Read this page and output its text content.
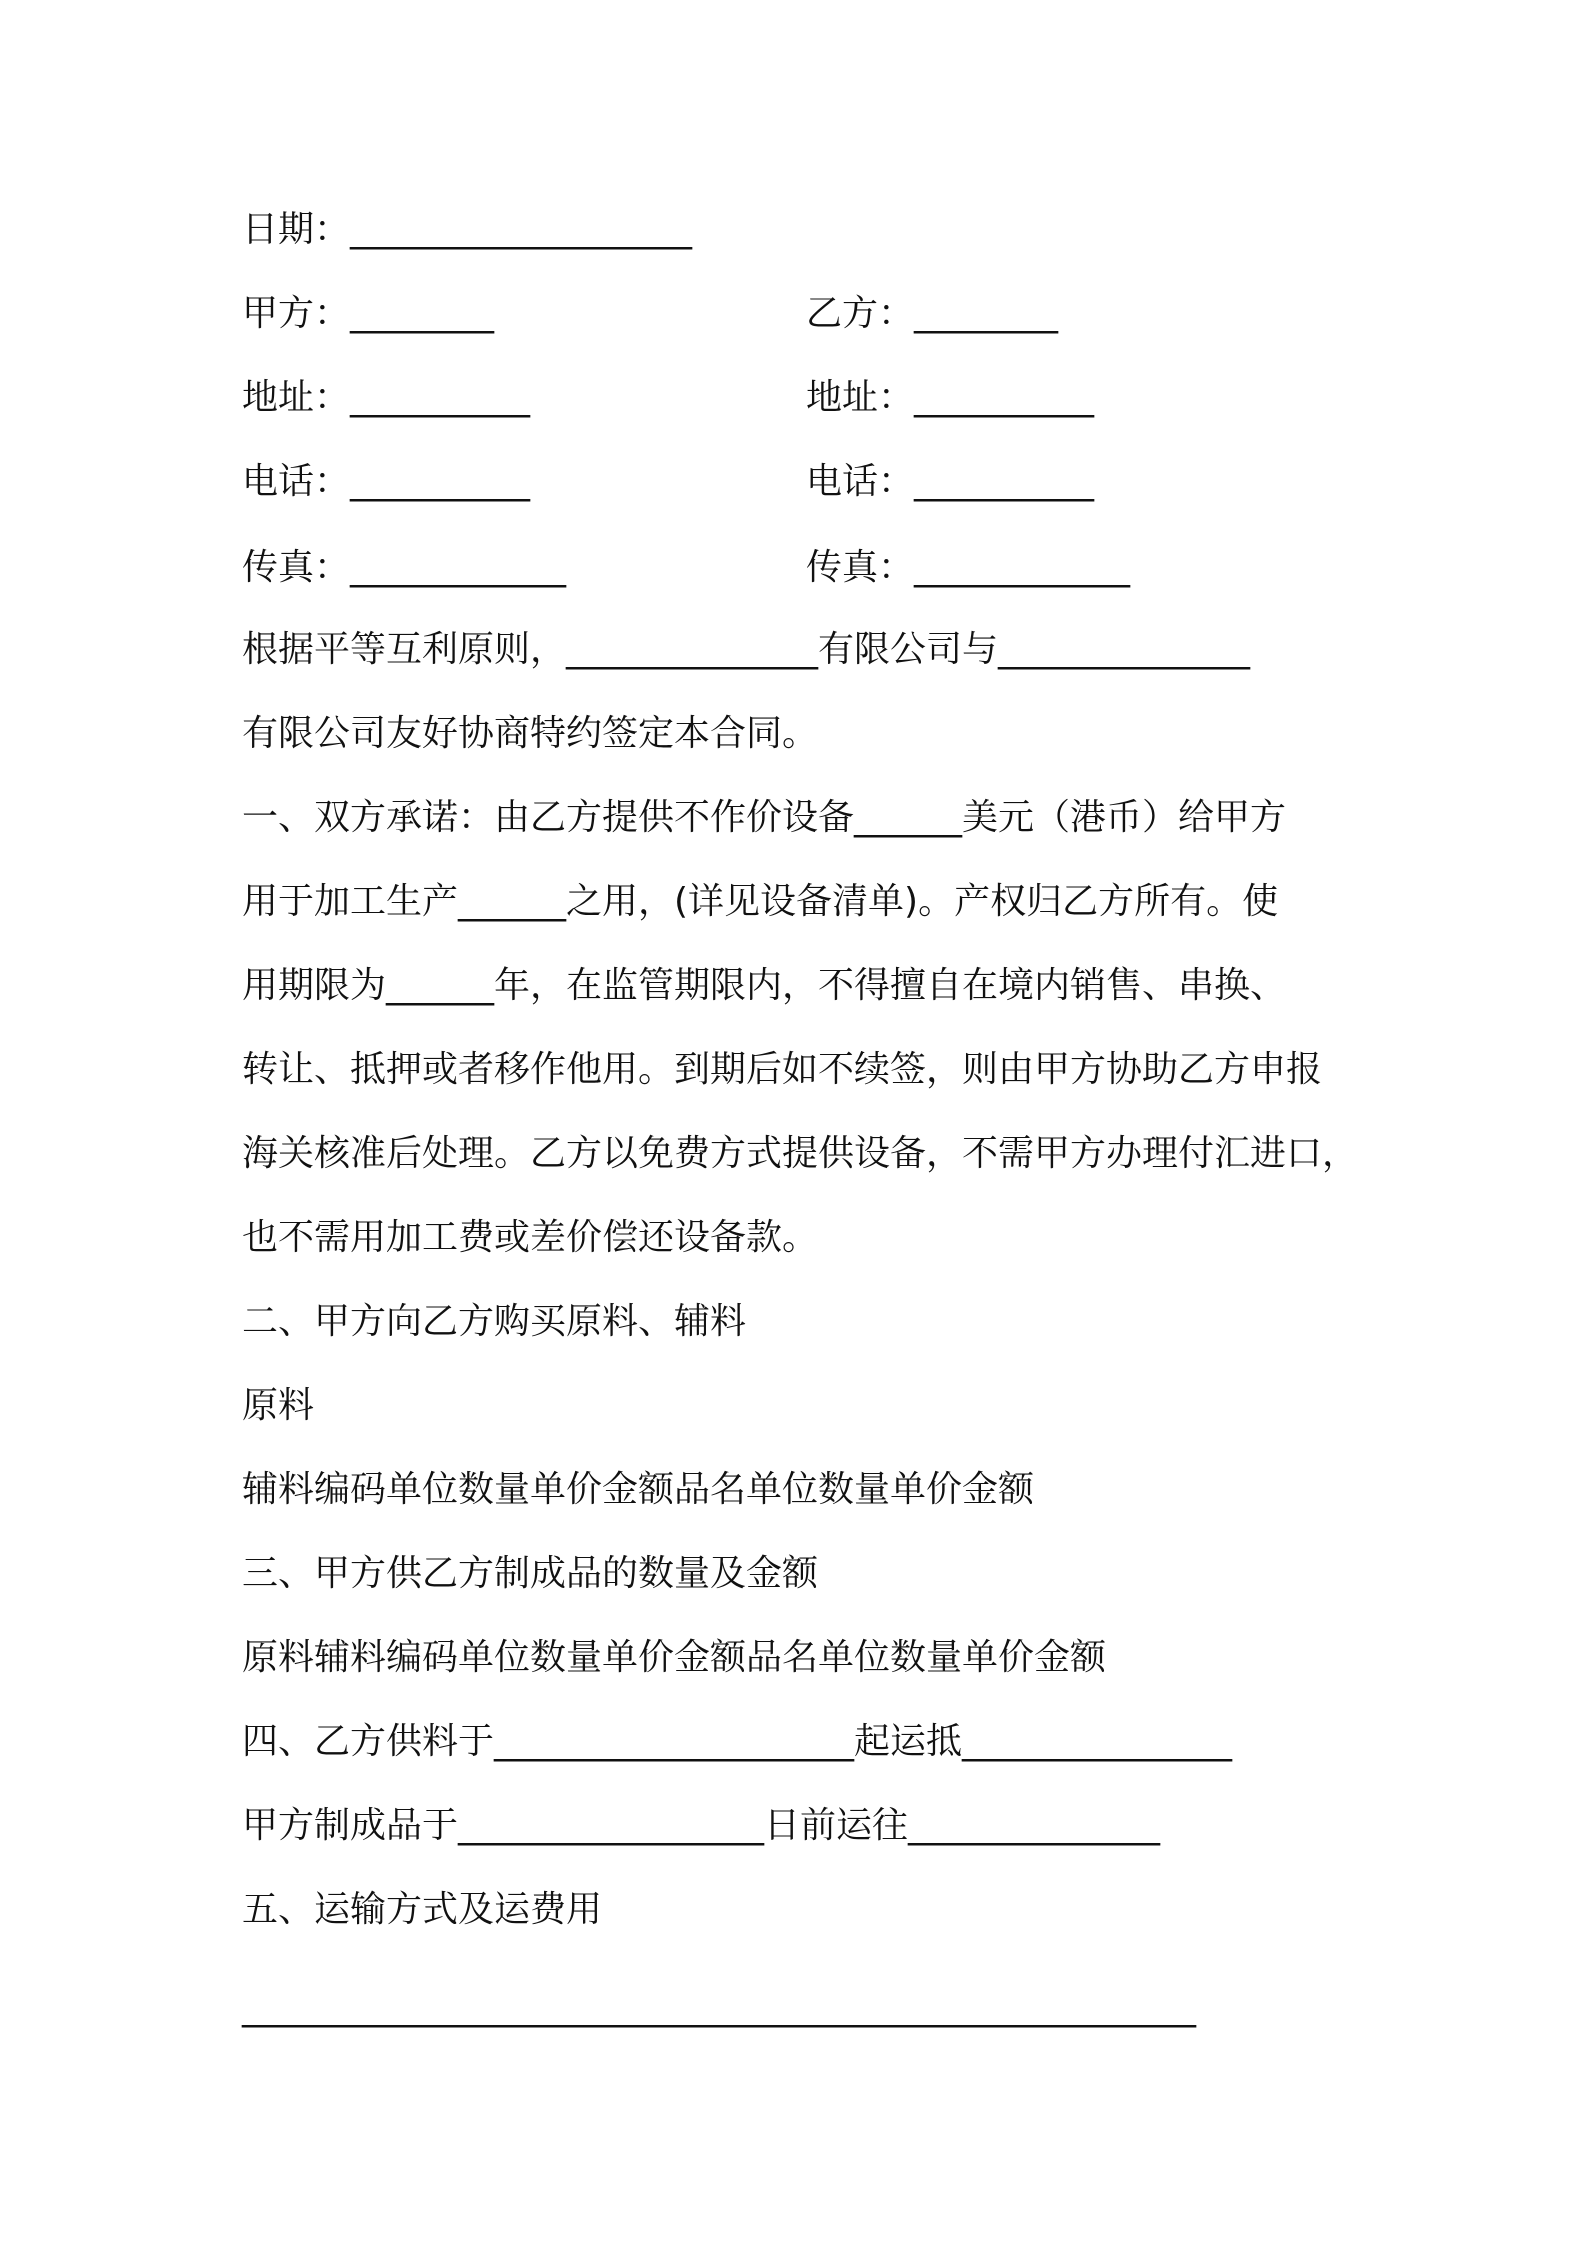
日期：___________________
甲方：________	乙方：________
地址：__________	地址：__________
电话：__________	电话：__________
传真：____________	传真：____________
根据平等互利原则，______________有限公司与______________
有限公司友好协商特约签定本合同。
一、双方承诺：由乙方提供不作价设备______美元（港币）给甲方
用于加工生产______之用，(详见设备清单)。产权归乙方所有。使
用期限为______年，在监管期限内，不得擅自在境内销售、串换、
转让、抵押或者移作他用。到期后如不续签，则由甲方协助乙方申报
海关核准后处理。乙方以免费方式提供设备，不需甲方办理付汇进口，
也不需用加工费或差价偿还设备款。
二、甲方向乙方购买原料、辅料
原料
辅料编码单位数量单价金额品名单位数量单价金额
三、甲方供乙方制成品的数量及金额
原料辅料编码单位数量单价金额品名单位数量单价金额
四、乙方供料于____________________起运抵_______________
甲方制成品于_________________日前运往______________
五、运输方式及运费用
_____________________________________________________
